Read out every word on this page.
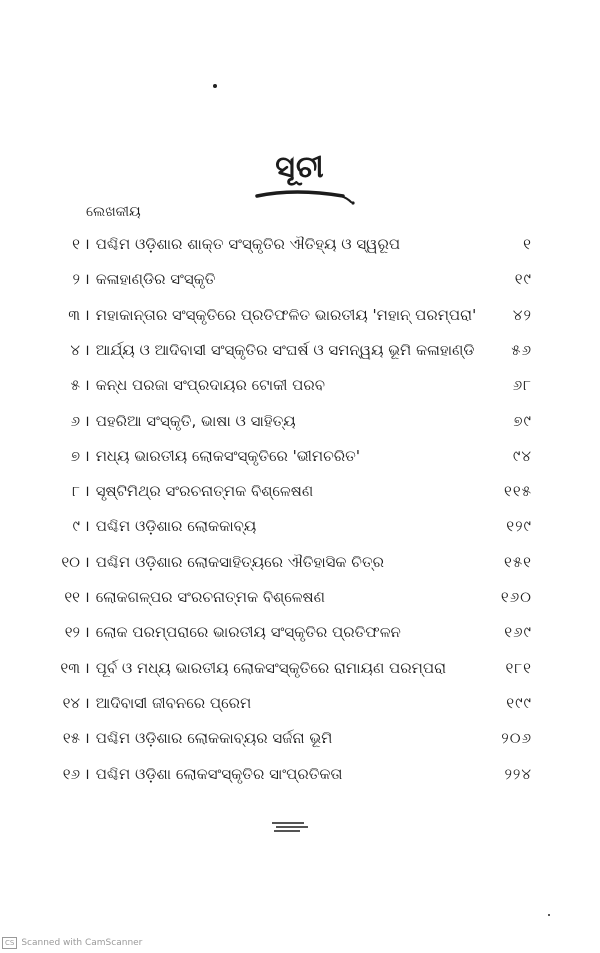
ସୂଚୀ
ଲେଖକୀୟ
୧ । ପଶ୍ଚିମ ଓଡ଼ିଶାର ଶାକ୍ତ ସଂସ୍କୃତିର ଐତିହ୍ୟ ଓ ସ୍ୱରୂପ	୧
୨ । କଳାହାଣ୍ଡିର ସଂସ୍କୃତି	୧୯
୩ । ମହାକାନ୍ତାର ସଂସ୍କୃତିରେ ପ୍ରତିଫଳିତ ଭାରତୀୟ 'ମହାନ୍ ପରମ୍ପରା'	୪୨
୪ । ଆର୍ଯ୍ୟ ଓ ଆଦିବାସୀ ସଂସ୍କୃତିର ସଂଘର୍ଷ ଓ ସମନ୍ୱୟ ଭୂମି କଳାହାଣ୍ଡି	୫୬
୫ । କନ୍ଧ ପରଜା ସଂପ୍ରଦାୟର ଟୋକୀ ପରବ	୬୮
୬ । ପହରିଆ ସଂସ୍କୃତି, ଭାଷା ଓ ସାହିତ୍ୟ	୭୯
୭ । ମଧ୍ୟ ଭାରତୀୟ ଲୋକସଂସ୍କୃତିରେ 'ଭୀମଚରିତ'	୯୪
୮ । ସୃଷ୍ଟିମିଥ୍ର ସଂରଚନାତ୍ମକ ବିଶ୍ଳେଷଣ	୧୧୫
୯ । ପଶ୍ଚିମ ଓଡ଼ିଶାର ଲୋକକାବ୍ୟ	୧୨୯
୧୦ । ପଶ୍ଚିମ ଓଡ଼ିଶାର ଲୋକସାହିତ୍ୟରେ ଐତିହାସିକ ଚିତ୍ର	୧୫୧
୧୧ । ଲୋକଗଳ୍ପର ସଂରଚନାତ୍ମକ ବିଶ୍ଳେଷଣ	୧୬୦
୧୨ । ଲୋକ ପରମ୍ପରାରେ ଭାରତୀୟ ସଂସ୍କୃତିର ପ୍ରତିଫଳନ	୧୬୯
୧୩ । ପୂର୍ବ ଓ ମଧ୍ୟ ଭାରତୀୟ ଲୋକସଂସ୍କୃତିରେ ରାମାୟଣ ପରମ୍ପରା	୧୮୧
୧୪ । ଆଦିବାସୀ ଜୀବନରେ ପ୍ରେମ	୧୯୯
୧୫ । ପଶ୍ଚିମ ଓଡ଼ିଶାର ଲୋକକାବ୍ୟର ସର୍ଜନା ଭୂମି	୨୦୬
୧୬ । ପଶ୍ଚିମ ଓଡ଼ିଶା ଲୋକସଂସ୍କୃତିର ସାଂପ୍ରତିକତା	୨୨୪
CS Scanned with CamScanner
